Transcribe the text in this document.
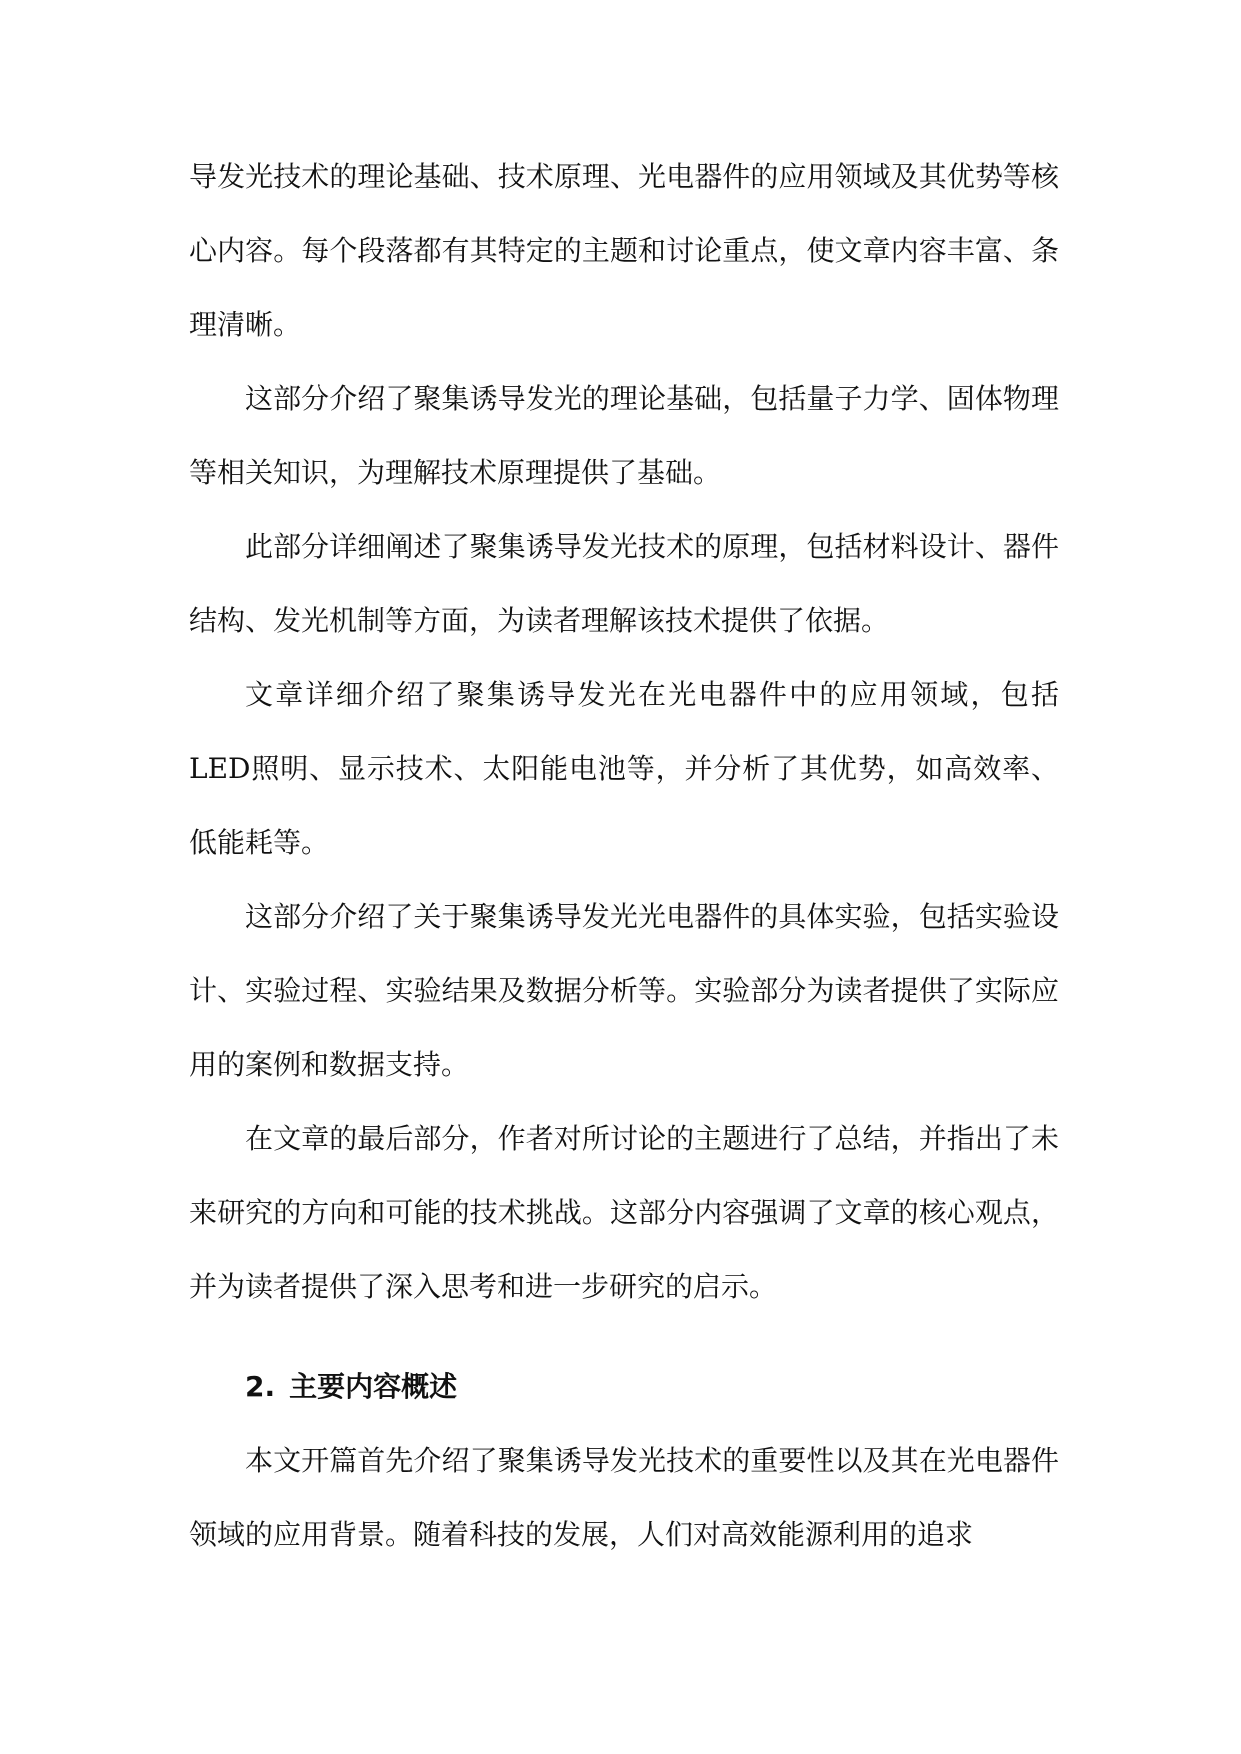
导发光技术的理论基础、技术原理、光电器件的应用领域及其优势等核心内容。每个段落都有其特定的主题和讨论重点，使文章内容丰富、条理清晰。

这部分介绍了聚集诱导发光的理论基础，包括量子力学、固体物理等相关知识，为理解技术原理提供了基础。

此部分详细阐述了聚集诱导发光技术的原理，包括材料设计、器件结构、发光机制等方面，为读者理解该技术提供了依据。

文章详细介绍了聚集诱导发光在光电器件中的应用领域，包括LED照明、显示技术、太阳能电池等，并分析了其优势，如高效率、低能耗等。

这部分介绍了关于聚集诱导发光光电器件的具体实验，包括实验设计、实验过程、实验结果及数据分析等。实验部分为读者提供了实际应用的案例和数据支持。

在文章的最后部分，作者对所讨论的主题进行了总结，并指出了未来研究的方向和可能的技术挑战。这部分内容强调了文章的核心观点，并为读者提供了深入思考和进一步研究的启示。

2. 主要内容概述

本文开篇首先介绍了聚集诱导发光技术的重要性以及其在光电器件领域的应用背景。随着科技的发展，人们对高效能源利用的追求
